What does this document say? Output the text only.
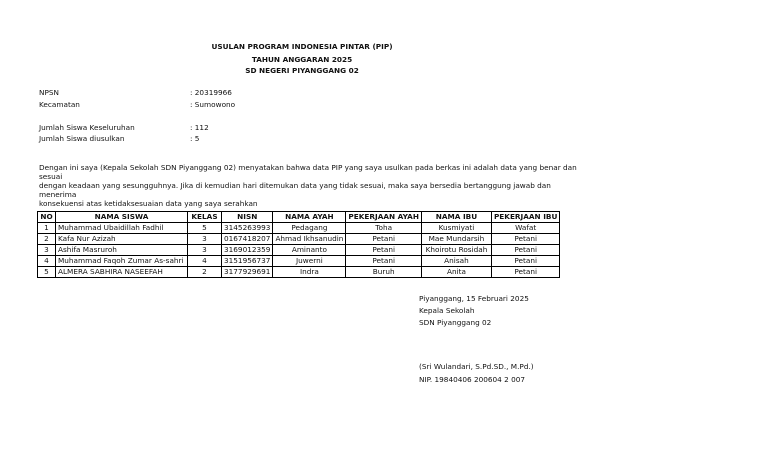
USULAN PROGRAM INDONESIA PINTAR (PIP)
TAHUN ANGGARAN 2025
SD NEGERI PIYANGGANG 02
NPSN	: 20319966
Kecamatan	: Sumowono
Jumlah Siswa Keseluruhan	: 112
Jumlah Siswa diusulkan	: 5
Dengan ini saya (Kepala Sekolah SDN Piyanggang 02) menyatakan bahwa data PIP yang saya usulkan pada berkas ini adalah data yang benar dan sesuai
dengan keadaan yang sesungguhnya. Jika di kemudian hari ditemukan data yang tidak sesuai, maka saya bersedia bertanggung jawab dan menerima
konsekuensi atas ketidaksesuaian data yang saya serahkan
NO	NAMA SISWA	KELAS	NISN	NAMA AYAH	PEKERJAAN AYAH	NAMA IBU	PEKERJAAN IBU
1	Muhammad Ubaidillah Fadhil	5	3145263993	Pedagang	Toha	Kusmiyati	Wafat
2	Kafa Nur Azizah	3	0167418207	Ahmad Ikhsanudin	Petani	Mae Mundarsih	Petani
3	Ashifa Masruroh	3	3169012359	Aminanto	Petani	Khoirotu Rosidah	Petani
4	Muhammad Faqoh Zumar As-sahri	4	3151956737	Juwerni	Petani	Anisah	Petani
5	ALMERA SABHIRA NASEEFAH	2	3177929691	Indra	Buruh	Anita	Petani
Piyanggang, 15 Februari 2025
Kepala Sekolah
SDN Piyanggang 02
(Sri Wulandari, S.Pd.SD., M.Pd.)
NIP. 19840406 200604 2 007
